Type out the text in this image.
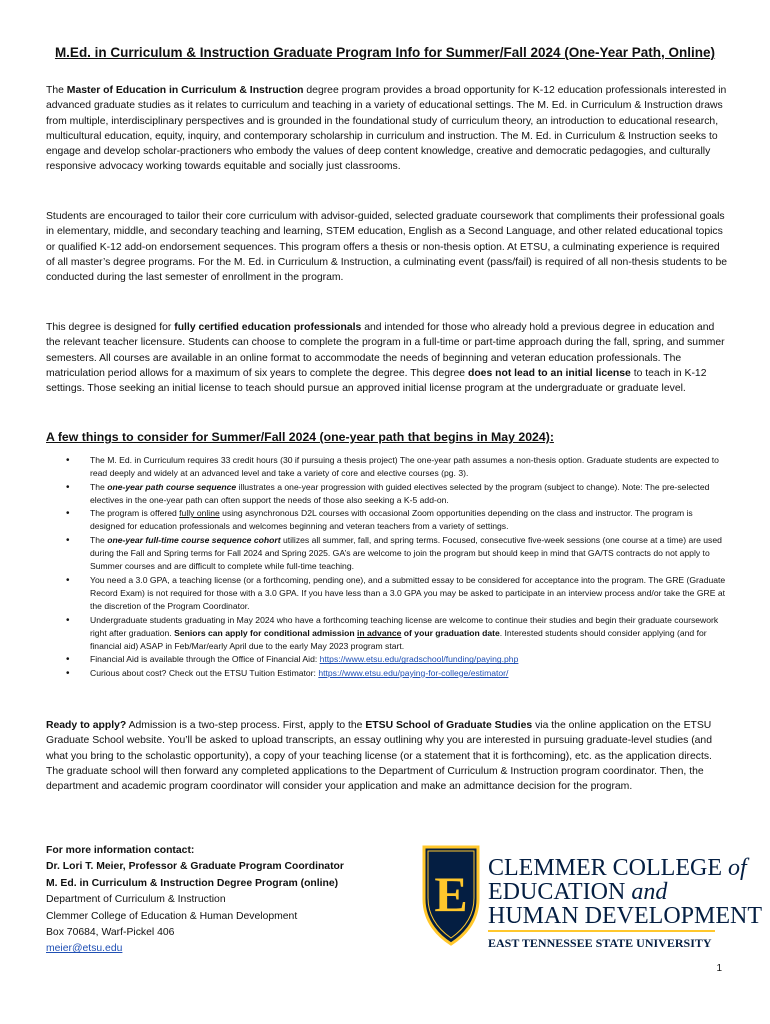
M.Ed. in Curriculum & Instruction Graduate Program Info for Summer/Fall 2024 (One-Year Path, Online)

The Master of Education in Curriculum & Instruction degree program provides a broad opportunity for K-12 education professionals interested in advanced graduate studies as it relates to curriculum and teaching in a variety of educational settings. The M. Ed. in Curriculum & Instruction draws from multiple, interdisciplinary perspectives and is grounded in the foundational study of curriculum theory, an introduction to educational research, multicultural education, equity, inquiry, and contemporary scholarship in curriculum and instruction. The M. Ed. in Curriculum & Instruction seeks to engage and develop scholar-practioners who embody the values of deep content knowledge, creative and democratic pedagogies, and culturally responsive advocacy working towards equitable and socially just classrooms.

Students are encouraged to tailor their core curriculum with advisor-guided, selected graduate coursework that compliments their professional goals in elementary, middle, and secondary teaching and learning, STEM education, English as a Second Language, and other related educational topics or qualified K-12 add-on endorsement sequences. This program offers a thesis or non-thesis option. At ETSU, a culminating experience is required of all master’s degree programs. For the M. Ed. in Curriculum & Instruction, a culminating event (pass/fail) is required of all non-thesis students to be conducted during the last semester of enrollment in the program.

This degree is designed for fully certified education professionals and intended for those who already hold a previous degree in education and the relevant teacher licensure. Students can choose to complete the program in a full-time or part-time approach during the fall, spring, and summer semesters. All courses are available in an online format to accommodate the needs of beginning and veteran education professionals. The matriculation period allows for a maximum of six years to complete the degree. This degree does not lead to an initial license to teach in K-12 settings. Those seeking an initial license to teach should pursue an approved initial license program at the undergraduate or graduate level.

A few things to consider for Summer/Fall 2024 (one-year path that begins in May 2024):
• The M. Ed. in Curriculum requires 33 credit hours (30 if pursuing a thesis project) The one-year path assumes a non-thesis option. Graduate students are expected to read deeply and widely at an advanced level and take a variety of core and elective courses (pg. 3).
• The one-year path course sequence illustrates a one-year progression with guided electives selected by the program (subject to change). Note: The pre-selected electives in the one-year path can often support the needs of those also seeking a K-5 add-on.
• The program is offered fully online using asynchronous D2L courses with occasional Zoom opportunities depending on the class and instructor. The program is designed for education professionals and welcomes beginning and veteran teachers from a variety of settings.
• The one-year full-time course sequence cohort utilizes all summer, fall, and spring terms. Focused, consecutive five-week sessions (one course at a time) are used during the Fall and Spring terms for Fall 2024 and Spring 2025. GA’s are welcome to join the program but should keep in mind that GA/TS contracts do not apply to Summer courses and are difficult to complete while full-time teaching.
• You need a 3.0 GPA, a teaching license (or a forthcoming, pending one), and a submitted essay to be considered for acceptance into the program. The GRE (Graduate Record Exam) is not required for those with a 3.0 GPA. If you have less than a 3.0 GPA you may be asked to participate in an interview process and/or take the GRE at the discretion of the Program Coordinator.
• Undergraduate students graduating in May 2024 who have a forthcoming teaching license are welcome to continue their studies and begin their graduate coursework right after graduation. Seniors can apply for conditional admission in advance of your graduation date. Interested students should consider applying (and for financial aid) ASAP in Feb/Mar/early April due to the early May 2023 program start.
• Financial Aid is available through the Office of Financial Aid: https://www.etsu.edu/gradschool/funding/paying.php
• Curious about cost? Check out the ETSU Tuition Estimator: https://www.etsu.edu/paying-for-college/estimator/

Ready to apply? Admission is a two-step process. First, apply to the ETSU School of Graduate Studies via the online application on the ETSU Graduate School website. You’ll be asked to upload transcripts, an essay outlining why you are interested in pursuing graduate-level studies (and what you bring to the scholastic opportunity), a copy of your teaching license (or a statement that it is forthcoming), etc. as the application directs. The graduate school will then forward any completed applications to the Department of Curriculum & Instruction program coordinator. Then, the department and academic program coordinator will consider your application and make an admittance decision for the program.

For more information contact:
Dr. Lori T. Meier, Professor & Graduate Program Coordinator
M. Ed. in Curriculum & Instruction Degree Program (online)
Department of Curriculum & Instruction
Clemmer College of Education & Human Development
Box 70684, Warf-Pickel 406
meier@etsu.edu
E CLEMMER COLLEGE of
EDUCATION and
HUMAN DEVELOPMENT
EAST TENNESSEE STATE UNIVERSITY
1
